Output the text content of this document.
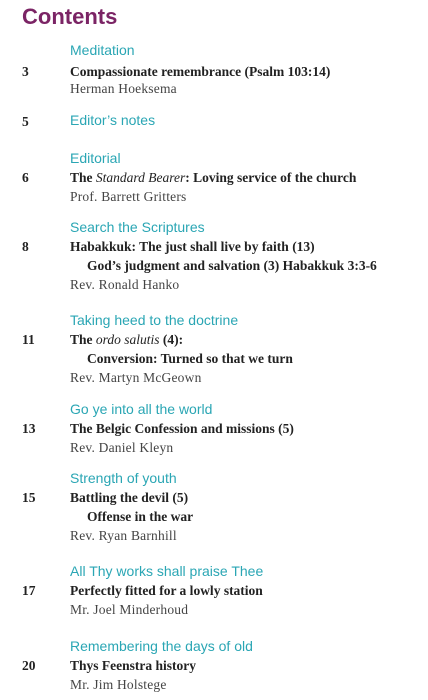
Contents
Meditation
3	Compassionate remembrance (Psalm 103:14)
Herman Hoeksema
5	Editor’s notes
Editorial
6	The Standard Bearer: Loving service of the church
Prof. Barrett Gritters
Search the Scriptures
8	Habakkuk: The just shall live by faith (13)
God’s judgment and salvation (3) Habakkuk 3:3-6
Rev. Ronald Hanko
Taking heed to the doctrine
11	The ordo salutis (4):
Conversion: Turned so that we turn
Rev. Martyn McGeown
Go ye into all the world
13	The Belgic Confession and missions (5)
Rev. Daniel Kleyn
Strength of youth
15	Battling the devil (5)
Offense in the war
Rev. Ryan Barnhill
All Thy works shall praise Thee
17	Perfectly fitted for a lowly station
Mr. Joel Minderhoud
Remembering the days of old
20	Thys Feenstra history
Mr. Jim Holstege
